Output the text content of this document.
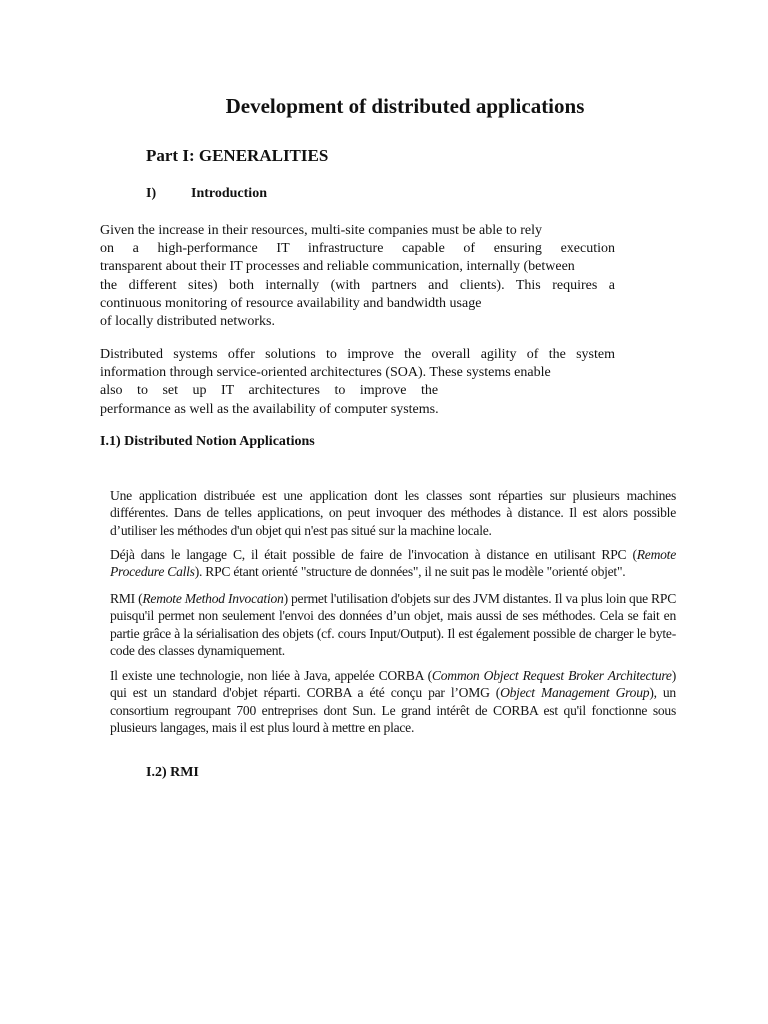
Development of distributed applications
Part I: GENERALITIES
I)	Introduction

Given the increase in their resources, multi-site companies must be able to rely
on a high-performance IT infrastructure capable of ensuring execution
transparent about their IT processes and reliable communication, internally (between
the different sites) both internally (with partners and clients). This requires a
continuous monitoring of resource availability and bandwidth usage
of locally distributed networks.

Distributed systems offer solutions to improve the overall agility of the system
information through service-oriented architectures (SOA). These systems enable
also to set up IT architectures to improve the
performance as well as the availability of computer systems.

I.1) Distributed Notion Applications

Une application distribuée est une application dont les classes sont réparties sur plusieurs machines différentes. Dans de telles applications, on peut invoquer des méthodes à distance. Il est alors possible d’utiliser les méthodes d'un objet qui n'est pas situé sur la machine locale.

Déjà dans le langage C, il était possible de faire de l'invocation à distance en utilisant RPC (Remote Procedure Calls). RPC étant orienté "structure de données", il ne suit pas le modèle "orienté objet".

RMI (Remote Method Invocation) permet l'utilisation d'objets sur des JVM distantes. Il va plus loin que RPC puisqu'il permet non seulement l'envoi des données d’un objet, mais aussi de ses méthodes. Cela se fait en partie grâce à la sérialisation des objets (cf. cours Input/Output). Il est également possible de charger le byte-code des classes dynamiquement.

Il existe une technologie, non liée à Java, appelée CORBA (Common Object Request Broker Architecture) qui est un standard d'objet réparti. CORBA a été conçu par l’OMG (Object Management Group), un consortium regroupant 700 entreprises dont Sun. Le grand intérêt de CORBA est qu'il fonctionne sous plusieurs langages, mais il est plus lourd à mettre en place.

I.2) RMI
